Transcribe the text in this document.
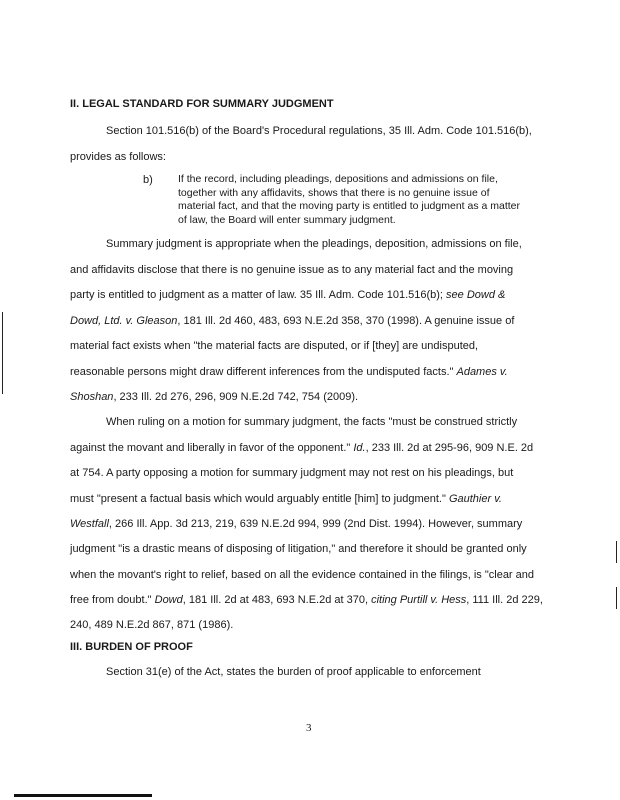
II. LEGAL STANDARD FOR SUMMARY JUDGMENT
Section 101.516(b) of the Board's Procedural regulations, 35 Ill. Adm. Code 101.516(b),
provides as follows:
b) If the record, including pleadings, depositions and admissions on file, together with any affidavits, shows that there is no genuine issue of material fact, and that the moving party is entitled to judgment as a matter of law, the Board will enter summary judgment.
Summary judgment is appropriate when the pleadings, deposition, admissions on file,
and affidavits disclose that there is no genuine issue as to any material fact and the moving
party is entitled to judgment as a matter of law. 35 Ill. Adm. Code 101.516(b); see Dowd &
Dowd, Ltd. v. Gleason, 181 Ill. 2d 460, 483, 693 N.E.2d 358, 370 (1998). A genuine issue of
material fact exists when "the material facts are disputed, or if [they] are undisputed,
reasonable persons might draw different inferences from the undisputed facts." Adames v.
Shoshan, 233 Ill. 2d 276, 296, 909 N.E.2d 742, 754 (2009).
When ruling on a motion for summary judgment, the facts "must be construed strictly
against the movant and liberally in favor of the opponent." Id., 233 Ill. 2d at 295-96, 909 N.E. 2d
at 754. A party opposing a motion for summary judgment may not rest on his pleadings, but
must "present a factual basis which would arguably entitle [him] to judgment." Gauthier v.
Westfall, 266 Ill. App. 3d 213, 219, 639 N.E.2d 994, 999 (2nd Dist. 1994). However, summary
judgment "is a drastic means of disposing of litigation," and therefore it should be granted only
when the movant's right to relief, based on all the evidence contained in the filings, is "clear and
free from doubt." Dowd, 181 Ill. 2d at 483, 693 N.E.2d at 370, citing Purtill v. Hess, 111 Ill. 2d 229,
240, 489 N.E.2d 867, 871 (1986).
III. BURDEN OF PROOF
Section 31(e) of the Act, states the burden of proof applicable to enforcement
3
